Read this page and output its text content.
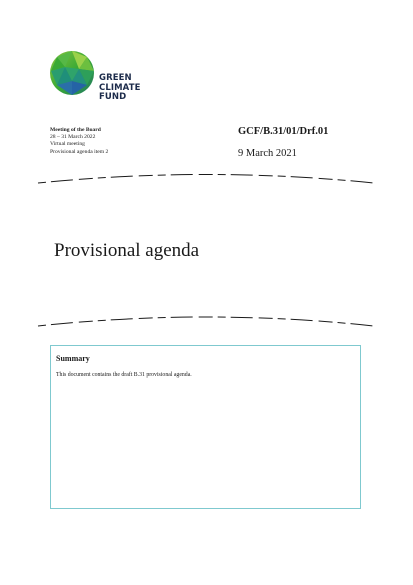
GREEN
CLIMATE
FUND
Meeting of the Board
28 – 31 March 2022
Virtual meeting
Provisional agenda item 2
GCF/B.31/01/Drf.01
9 March 2021
Provisional agenda
Summary
This document contains the draft B.31 provisional agenda.
